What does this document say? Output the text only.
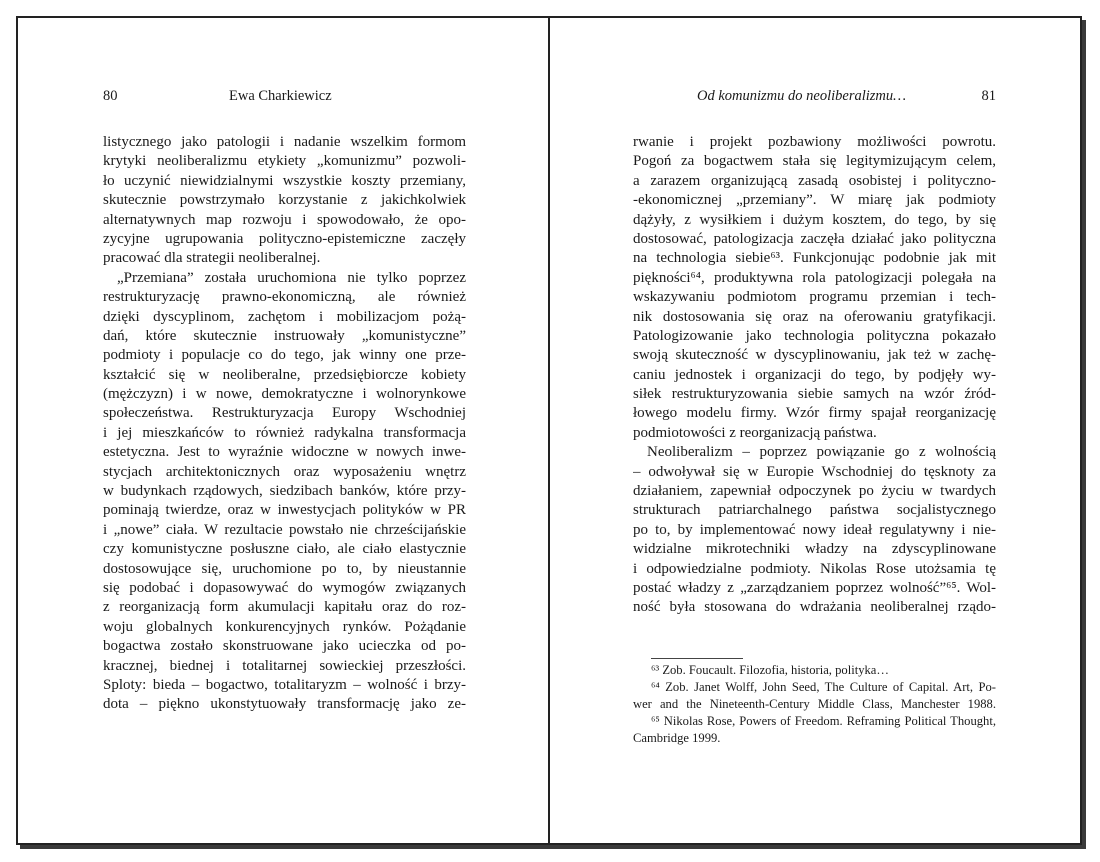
80	Ewa Charkiewicz
listycznego jako patologii i nadanie wszelkim formom
krytyki neoliberalizmu etykiety „komunizmu” pozwoli-
ło uczynić niewidzialnymi wszystkie koszty przemiany,
skutecznie powstrzymało korzystanie z jakichkolwiek
alternatywnych map rozwoju i spowodowało, że opo-
zycyjne ugrupowania polityczno-epistemiczne zaczęły
pracować dla strategii neoliberalnej.
„Przemiana” została uruchomiona nie tylko poprzez
restrukturyzację prawno-ekonomiczną, ale również
dzięki dyscyplinom, zachętom i mobilizacjom pożą-
dań, które skutecznie instruowały „komunistyczne”
podmioty i populacje co do tego, jak winny one prze-
kształcić się w neoliberalne, przedsiębiorcze kobiety
(mężczyzn) i w nowe, demokratyczne i wolnorynkowe
społeczeństwa. Restrukturyzacja Europy Wschodniej
i jej mieszkańców to również radykalna transformacja
estetyczna. Jest to wyraźnie widoczne w nowych inwe-
stycjach architektonicznych oraz wyposażeniu wnętrz
w budynkach rządowych, siedzibach banków, które przy-
pominają twierdze, oraz w inwestycjach polityków w PR
i „nowe” ciała. W rezultacie powstało nie chrześcijańskie
czy komunistyczne posłuszne ciało, ale ciało elastycznie
dostosowujące się, uruchomione po to, by nieustannie
się podobać i dopasowywać do wymogów związanych
z reorganizacją form akumulacji kapitału oraz do roz-
woju globalnych konkurencyjnych rynków. Pożądanie
bogactwa zostało skonstruowane jako ucieczka od po-
kracznej, biednej i totalitarnej sowieckiej przeszłości.
Sploty: bieda – bogactwo, totalitaryzm – wolność i brzy-
dota – piękno ukonstytuowały transformację jako ze-
Od komunizmu do neoliberalizmu…	81
rwanie i projekt pozbawiony możliwości powrotu.
Pogoń za bogactwem stała się legitymizującym celem,
a zarazem organizującą zasadą osobistej i polityczno-
-ekonomicznej „przemiany”. W miarę jak podmioty
dążyły, z wysiłkiem i dużym kosztem, do tego, by się
dostosować, patologizacja zaczęła działać jako polityczna
na technologia siebie⁶³. Funkcjonując podobnie jak mit
piękności⁶⁴, produktywna rola patologizacji polegała na
wskazywaniu podmiotom programu przemian i tech-
nik dostosowania się oraz na oferowaniu gratyfikacji.
Patologizowanie jako technologia polityczna pokazało
swoją skuteczność w dyscyplinowaniu, jak też w zachę-
caniu jednostek i organizacji do tego, by podjęły wy-
siłek restrukturyzowania siebie samych na wzór źród-
łowego modelu firmy. Wzór firmy spajał reorganizację
podmiotowości z reorganizacją państwa.
Neoliberalizm – poprzez powiązanie go z wolnością
– odwoływał się w Europie Wschodniej do tęsknoty za
działaniem, zapewniał odpoczynek po życiu w twardych
strukturach patriarchalnego państwa socjalistycznego
po to, by implementować nowy ideał regulatywny i nie-
widzialne mikrotechniki władzy na zdyscyplinowane
i odpowiedzialne podmioty. Nikolas Rose utożsamia tę
postać władzy z „zarządzaniem poprzez wolność”⁶⁵. Wol-
ność była stosowana do wdrażania neoliberalnej rządo-
⁶³ Zob. Foucault. Filozofia, historia, polityka…
⁶⁴ Zob. Janet Wolff, John Seed, The Culture of Capital. Art, Po-
wer and the Nineteenth-Century Middle Class, Manchester 1988.
⁶⁵ Nikolas Rose, Powers of Freedom. Reframing Political Thought,
Cambridge 1999.
